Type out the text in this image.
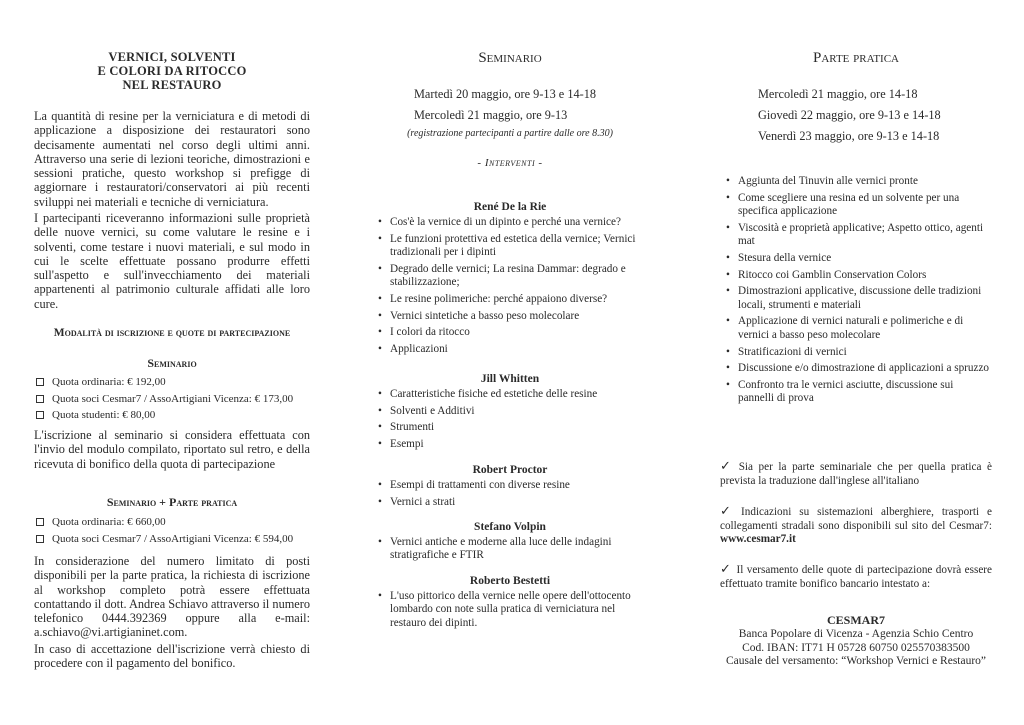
VERNICI, SOLVENTI
E COLORI DA RITOCCO
NEL RESTAURO
La quantità di resine per la verniciatura e di metodi di applicazione a disposizione dei restauratori sono decisamente aumentati nel corso degli ultimi anni. Attraverso una serie di lezioni teoriche, dimostrazioni e sessioni pratiche, questo workshop si prefigge di aggiornare i restauratori/conservatori ai più recenti sviluppi nei materiali e tecniche di verniciatura.
I partecipanti riceveranno informazioni sulle proprietà delle nuove vernici, su come valutare le resine e i solventi, come testare i nuovi materiali, e sul modo in cui le scelte effettuate possano produrre effetti sull'aspetto e sull'invecchiamento dei materiali appartenenti al patrimonio culturale affidati alle loro cure.
Modalità di iscrizione e quote di partecipazione
Seminario
Quota ordinaria: € 192,00
Quota soci Cesmar7 / AssoArtigiani Vicenza: € 173,00
Quota studenti: € 80,00
L'iscrizione al seminario si considera effettuata con l'invio del modulo compilato, riportato sul retro, e della ricevuta di bonifico della quota di partecipazione
Seminario + Parte pratica
Quota ordinaria: € 660,00
Quota soci Cesmar7 / AssoArtigiani Vicenza: € 594,00
In considerazione del numero limitato di posti disponibili per la parte pratica, la richiesta di iscrizione al workshop completo potrà essere effettuata contattando il dott. Andrea Schiavo attraverso il numero telefonico 0444.392369 oppure alla e-mail: a.schiavo@vi.artigianinet.com.
In caso di accettazione dell'iscrizione verrà chiesto di procedere con il pagamento del bonifico.
Seminario
Martedì 20 maggio, ore 9-13 e 14-18
Mercoledì 21 maggio, ore 9-13
(registrazione partecipanti a partire dalle ore 8.30)
- Interventi -
René De la Rie
• Cos'è la vernice di un dipinto e perché una vernice?
• Le funzioni protettiva ed estetica della vernice; Vernici tradizionali per i dipinti
• Degrado delle vernici; La resina Dammar: degrado e stabilizzazione;
• Le resine polimeriche: perché appaiono diverse?
• Vernici sintetiche a basso peso molecolare
• I colori da ritocco
• Applicazioni
Jill Whitten
• Caratteristiche fisiche ed estetiche delle resine
• Solventi e Additivi
• Strumenti
• Esempi
Robert Proctor
• Esempi di trattamenti con diverse resine
• Vernici a strati
Stefano Volpin
• Vernici antiche e moderne alla luce delle indagini stratigrafiche e FTIR
Roberto Bestetti
• L'uso pittorico della vernice nelle opere dell'ottocento lombardo con note sulla pratica di verniciatura nel restauro dei dipinti.
Parte pratica
Mercoledì 21 maggio, ore 14-18
Giovedì 22 maggio, ore 9-13 e 14-18
Venerdì 23 maggio, ore 9-13 e 14-18
• Aggiunta del Tinuvin alle vernici pronte
• Come scegliere una resina ed un solvente per una specifica applicazione
• Viscosità e proprietà applicative; Aspetto ottico, agenti mat
• Stesura della vernice
• Ritocco coi Gamblin Conservation Colors
• Dimostrazioni applicative, discussione delle tradizioni locali, strumenti e materiali
• Applicazione di vernici naturali e polimeriche e di vernici a basso peso molecolare
• Stratificazioni di vernici
• Discussione e/o dimostrazione di applicazioni a spruzzo
• Confronto tra le vernici asciutte, discussione sui pannelli di prova
✓ Sia per la parte seminariale che per quella pratica è prevista la traduzione dall'inglese all'italiano
✓ Indicazioni su sistemazioni alberghiere, trasporti e collegamenti stradali sono disponibili sul sito del Cesmar7: www.cesmar7.it
✓ Il versamento delle quote di partecipazione dovrà essere effettuato tramite bonifico bancario intestato a:
CESMAR7
Banca Popolare di Vicenza - Agenzia Schio Centro
Cod. IBAN: IT71 H 05728 60750 025570383500
Causale del versamento: “Workshop Vernici e Restauro”
